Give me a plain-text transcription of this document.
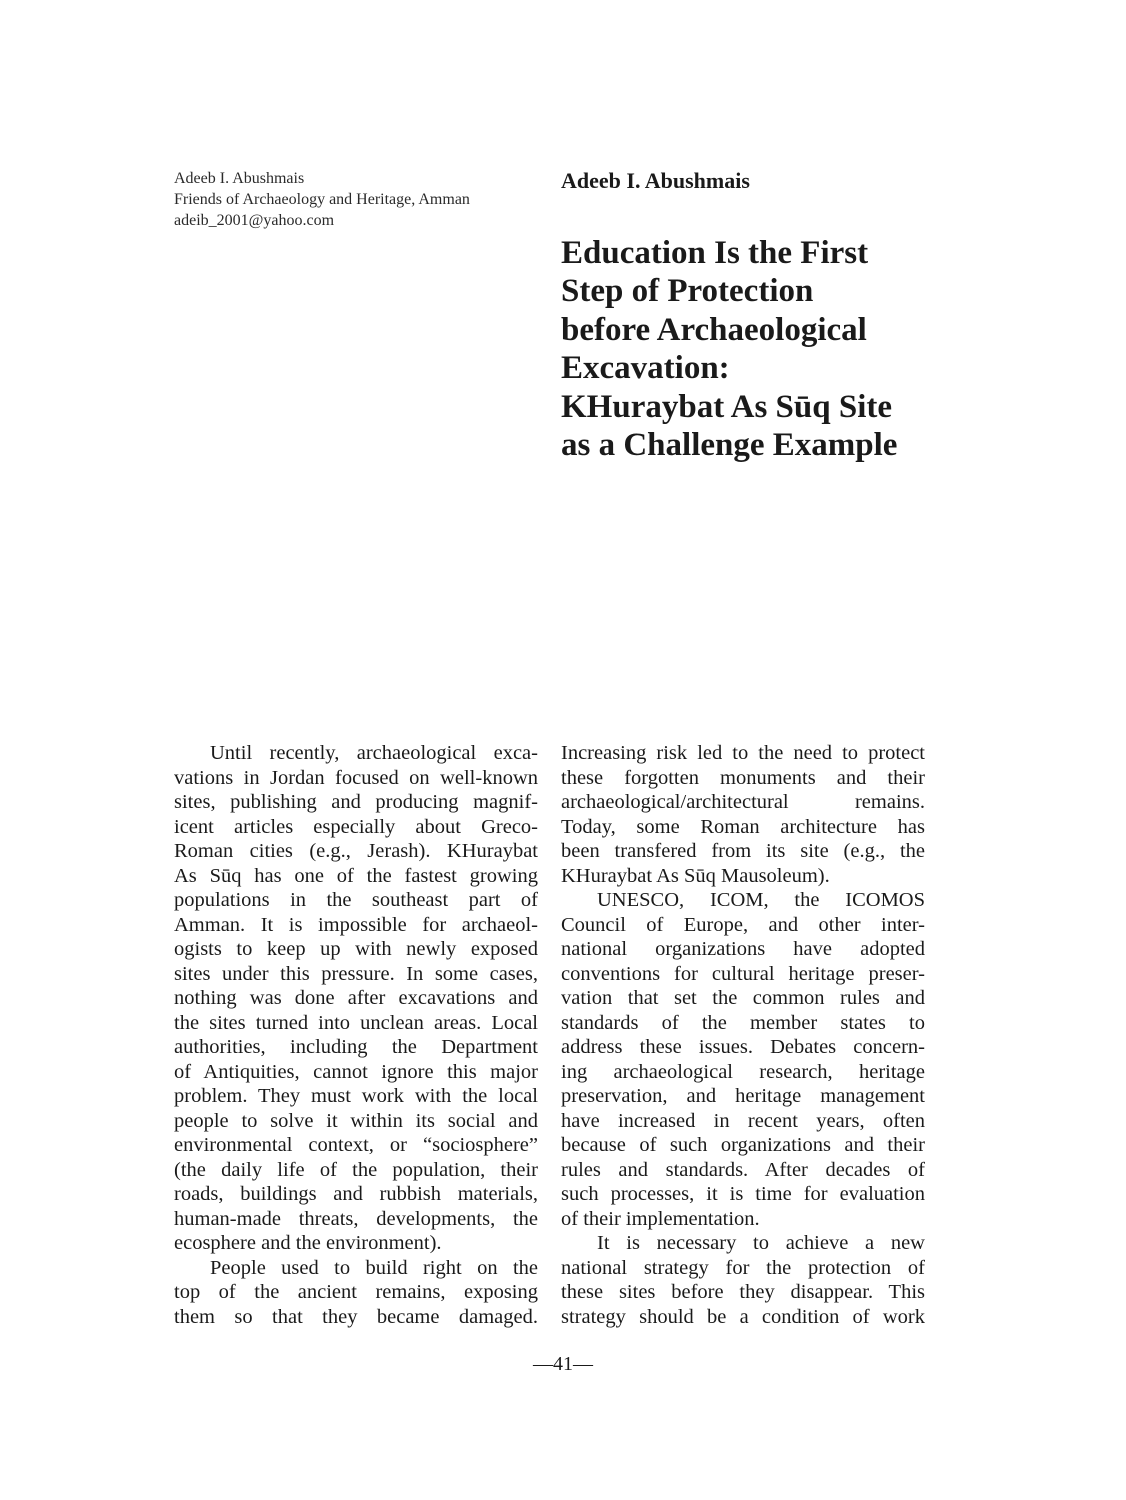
Adeeb I. Abushmais
Friends of Archaeology and Heritage, Amman
adeib_2001@yahoo.com
Adeeb I. Abushmais
Education Is the First
Step of Protection
before Archaeological
Excavation:
KHuraybat As Sūq Site
as a Challenge Example
Until recently, archaeological exca-
vations in Jordan focused on well-known
sites, publishing and producing magnif-
icent articles especially about Greco-
Roman cities (e.g., Jerash). KHuraybat
As Sūq has one of the fastest growing
populations in the southeast part of
Amman. It is impossible for archaeol-
ogists to keep up with newly exposed
sites under this pressure. In some cases,
nothing was done after excavations and
the sites turned into unclean areas. Local
authorities, including the Department
of Antiquities, cannot ignore this major
problem. They must work with the local
people to solve it within its social and
environmental context, or “sociosphere”
(the daily life of the population, their
roads, buildings and rubbish materials,
human-made threats, developments, the
ecosphere and the environment).
People used to build right on the
top of the ancient remains, exposing
them so that they became damaged.
Increasing risk led to the need to protect
these forgotten monuments and their
archaeological/architectural remains.
Today, some Roman architecture has
been transfered from its site (e.g., the
KHuraybat As Sūq Mausoleum).
UNESCO, ICOM, the ICOMOS
Council of Europe, and other inter-
national organizations have adopted
conventions for cultural heritage preser-
vation that set the common rules and
standards of the member states to
address these issues. Debates concern-
ing archaeological research, heritage
preservation, and heritage management
have increased in recent years, often
because of such organizations and their
rules and standards. After decades of
such processes, it is time for evaluation
of their implementation.
It is necessary to achieve a new
national strategy for the protection of
these sites before they disappear. This
strategy should be a condition of work
—41—
